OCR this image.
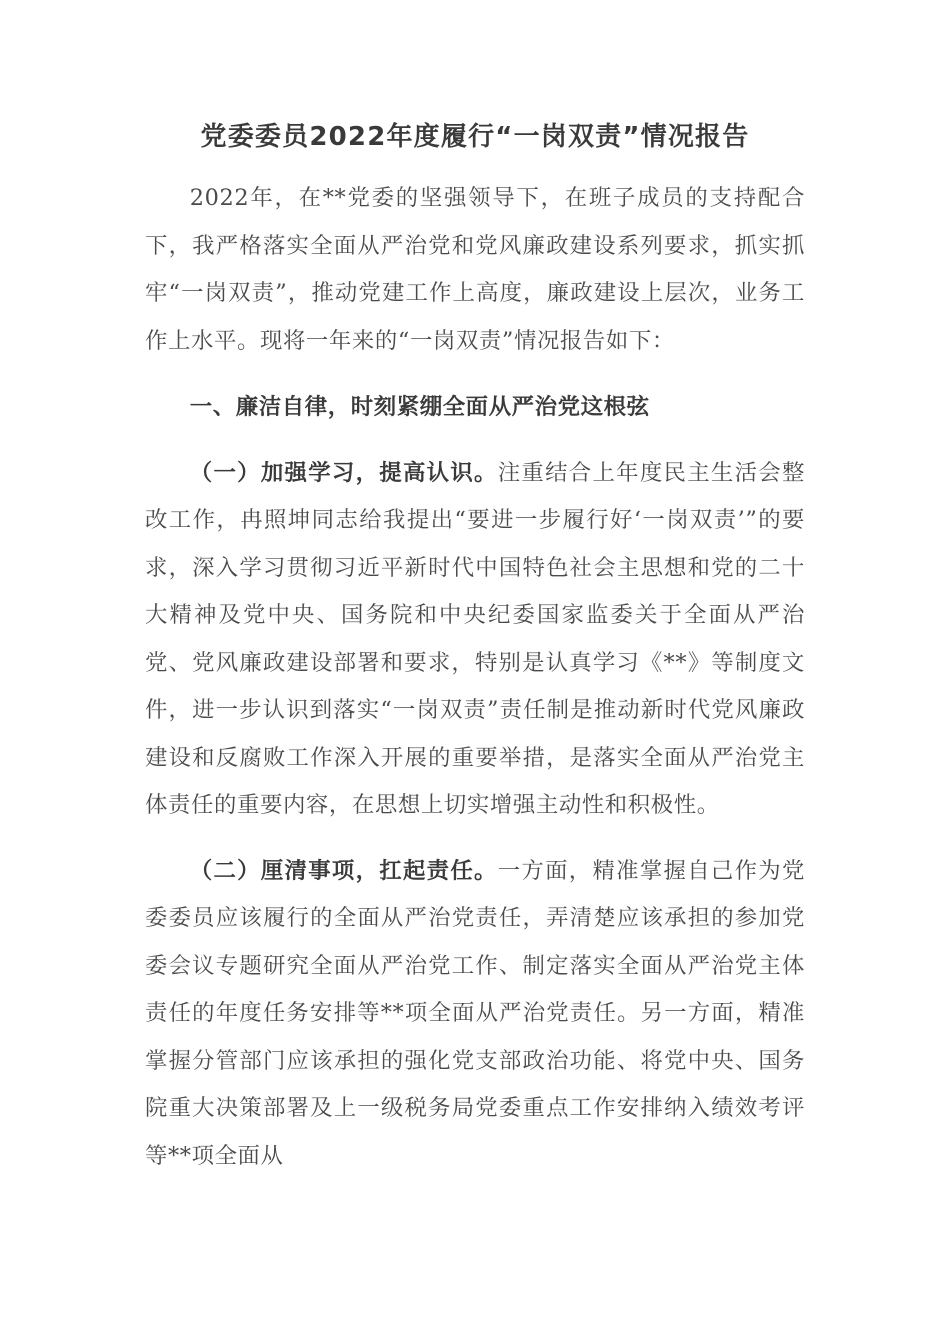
党委委员2022年度履行“一岗双责”情况报告

2022年，在**党委的坚强领导下，在班子成员的支持配合下，我严格落实全面从严治党和党风廉政建设系列要求，抓实抓牢“一岗双责”，推动党建工作上高度，廉政建设上层次，业务工作上水平。现将一年来的“一岗双责”情况报告如下：

一、廉洁自律，时刻紧绷全面从严治党这根弦

（一）加强学习，提高认识。注重结合上年度民主生活会整改工作，冉照坤同志给我提出“要进一步履行好‘一岗双责’”的要求，深入学习贯彻习近平新时代中国特色社会主思想和党的二十大精神及党中央、国务院和中央纪委国家监委关于全面从严治党、党风廉政建设部署和要求，特别是认真学习《**》等制度文件，进一步认识到落实“一岗双责”责任制是推动新时代党风廉政建设和反腐败工作深入开展的重要举措，是落实全面从严治党主体责任的重要内容，在思想上切实增强主动性和积极性。

（二）厘清事项，扛起责任。一方面，精准掌握自己作为党委委员应该履行的全面从严治党责任，弄清楚应该承担的参加党委会议专题研究全面从严治党工作、制定落实全面从严治党主体责任的年度任务安排等**项全面从严治党责任。另一方面，精准掌握分管部门应该承担的强化党支部政治功能、将党中央、国务院重大决策部署及上一级税务局党委重点工作安排纳入绩效考评等**项全面从
